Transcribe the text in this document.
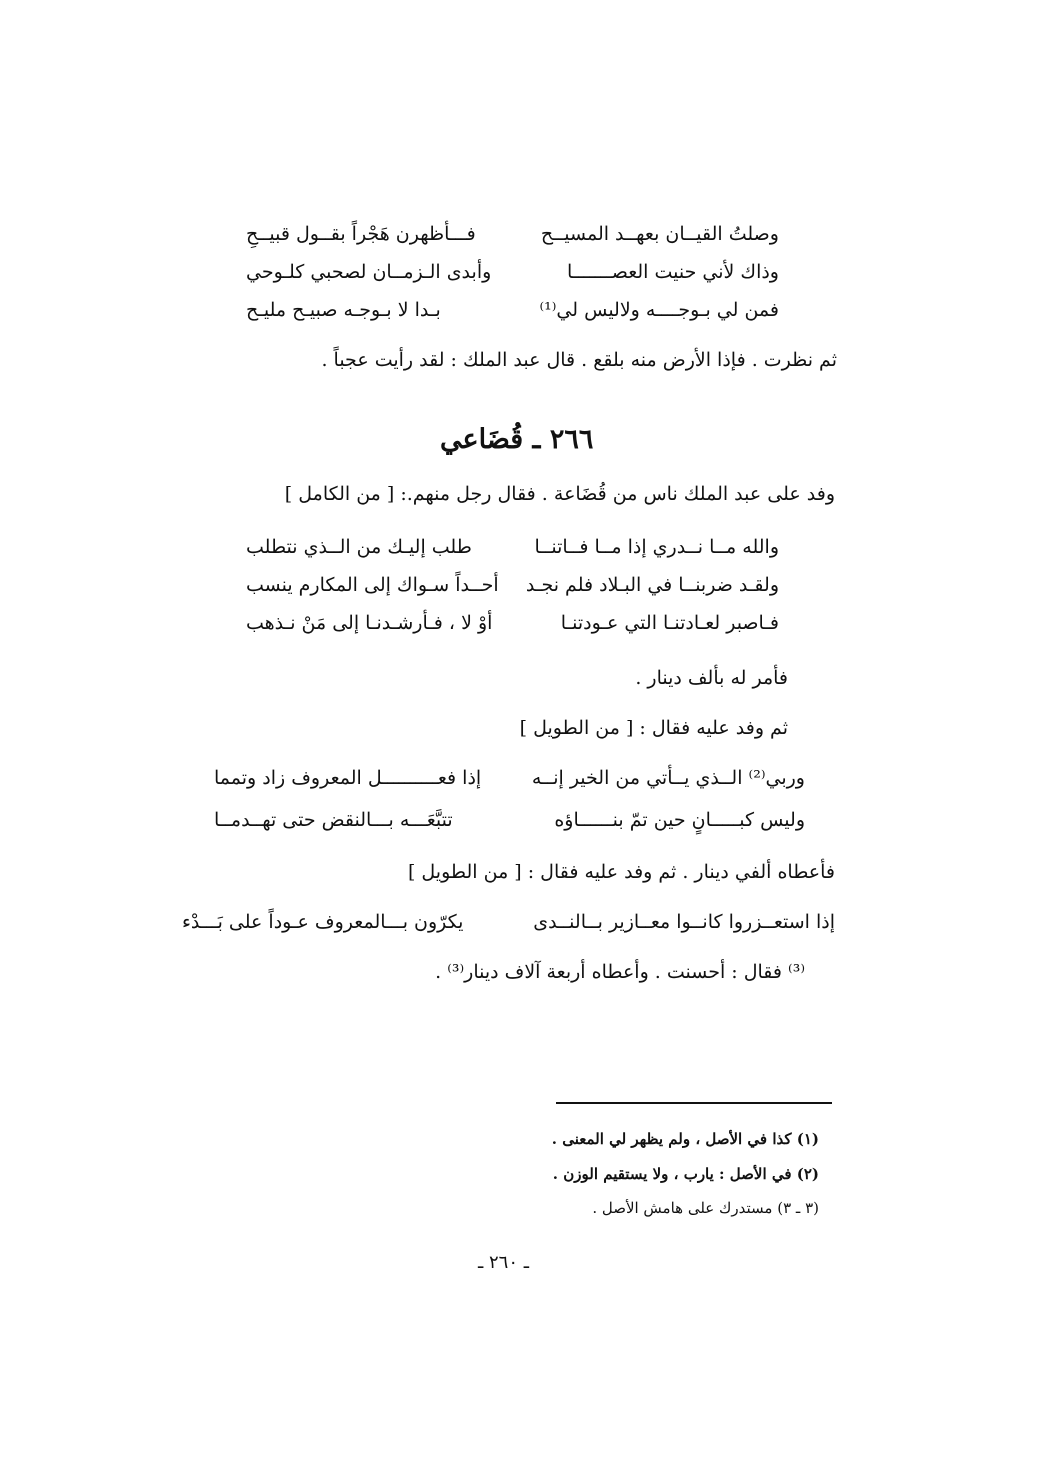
وصلتُ القيــان بعهــد المسيــح
فـــأظهرن هَجْراً بقــول قبيــحِ
وذاك لأني حنيت العصـــــــا
وأبدى الـزمــان لصحبي كلـوحي
فمن لي بـوجــــه ولاليس لي⁽¹⁾
بـدا لا بـوجـه صبيـح مليـح
ثم نظرت . فإذا الأرض منه بلقع . قال عبد الملك : لقد رأيت عجباً .
٢٦٦ ـ قُضَاعي
وفد على عبد الملك ناس من قُضَاعة . فقال رجل منهم.: [ من الكامل ]
والله مــا نــدري إذا مــا فــاتنــا
طلب إليـك من الــذي نتطلب
ولقـد ضربنــا في البـلاد فلم نجـد
أحــداً سـواك إلى المكارم ينسب
فـاصبر لعـادتنـا التي عـودتنـا
أوْ لا ، فـأرشـدنـا إلى مَنْ نـذهب
فأمر له بألف دينار .
ثم وفد عليه فقال : [ من الطويل ]
وربي⁽²⁾ الــذي يــأتي من الخير إنــه
إذا فعــــــــــل المعروف زاد وتمما
وليس كبـــــانٍ حين تمّ بنــــــاؤه
تتبَّعَـــه بـــالنقض حتى تهــدمــا
فأعطاه ألفي دينار . ثم وفد عليه فقال : [ من الطويل ]
إذا استعــزروا كانــوا معــازير بــالنــدى
يكرّون بـــالمعروف عـوداً على بَـــدْء
⁽³⁾ فقال : أحسنت . وأعطاه أربعة آلاف دينار⁽³⁾ .
(١) كذا في الأصل ، ولم يظهر لي المعنى .
(٢) في الأصل : يارب ، ولا يستقيم الوزن .
(٣ ـ ٣) مستدرك على هامش الأصل .
ـ ٢٦٠ ـ
